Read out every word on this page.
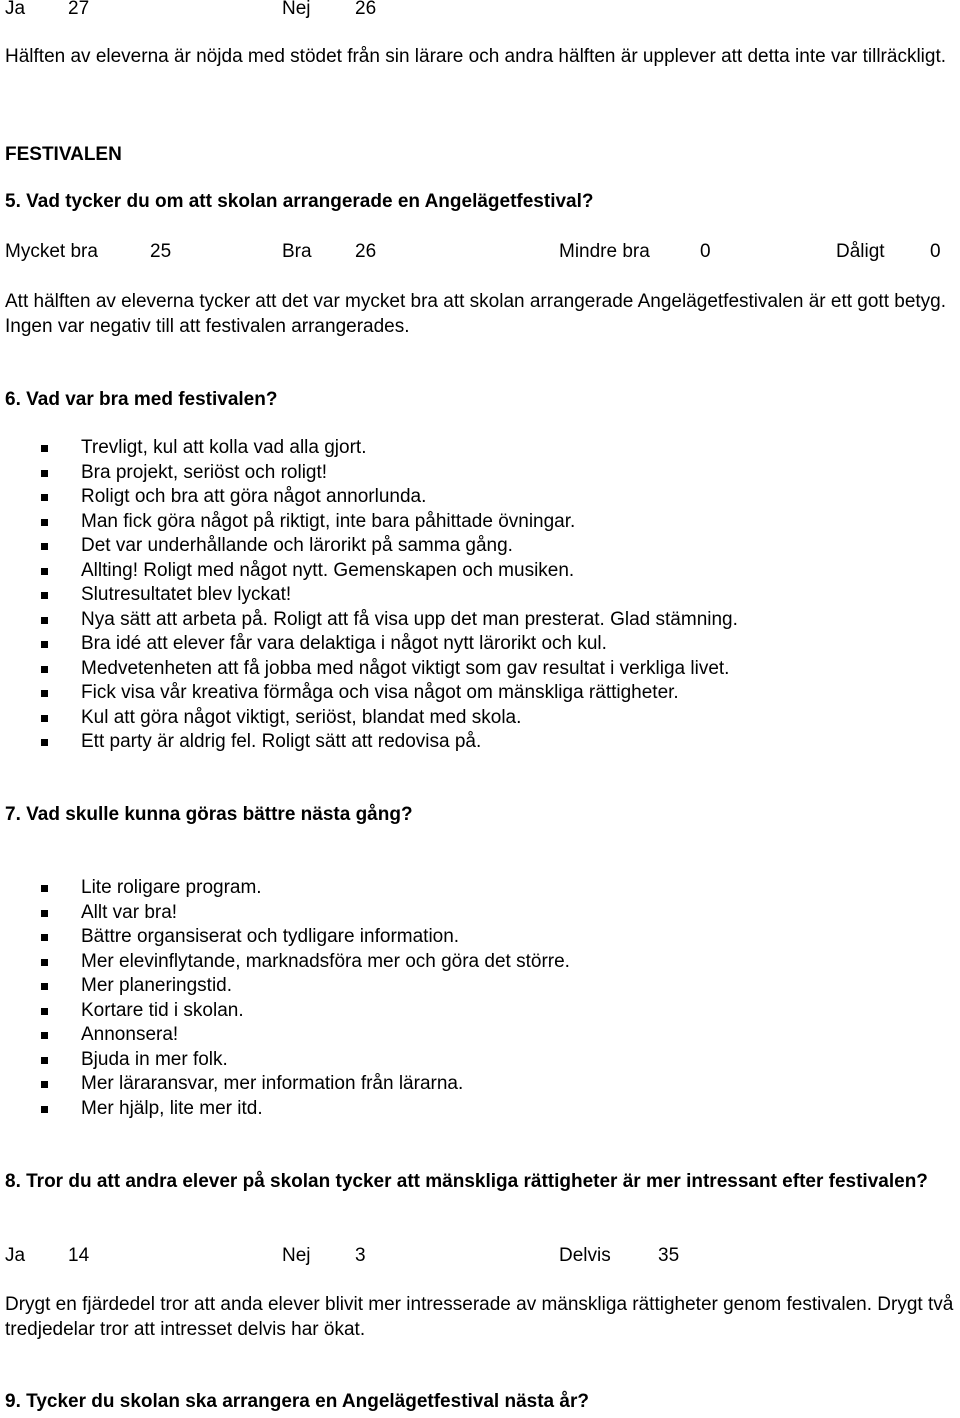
Ja 27	Nej 26
Hälften av eleverna är nöjda med stödet från sin lärare och andra hälften är upplever att detta inte var tillräckligt.
FESTIVALEN
5. Vad tycker du om att skolan arrangerade en Angelägetfestival?
Mycket bra	25	Bra 26	Mindre bra	0	Dåligt 0
Att hälften av eleverna tycker att det var mycket bra att skolan arrangerade Angelägetfestivalen är ett gott betyg. Ingen var negativ till att festivalen arrangerades.
6. Vad var bra med festivalen?
Trevligt, kul att kolla vad alla gjort.
Bra projekt, seriöst och roligt!
Roligt och bra att göra något annorlunda.
Man fick göra något på riktigt, inte bara påhittade övningar.
Det var underhållande och lärorikt på samma gång.
Allting! Roligt med något nytt. Gemenskapen och musiken.
Slutresultatet blev lyckat!
Nya sätt att arbeta på. Roligt att få visa upp det man presterat. Glad stämning.
Bra idé att elever får vara delaktiga i något nytt lärorikt och kul.
Medvetenheten att få jobba med något viktigt som gav resultat i verkliga livet.
Fick visa vår kreativa förmåga och visa något om mänskliga rättigheter.
Kul att göra något viktigt, seriöst, blandat med skola.
Ett party är aldrig fel. Roligt sätt att redovisa på.
7. Vad skulle kunna göras bättre nästa gång?
Lite roligare program.
Allt var bra!
Bättre organsiserat och tydligare information.
Mer elevinflytande, marknadsföra mer och göra det större.
Mer planeringstid.
Kortare tid i skolan.
Annonsera!
Bjuda in mer folk.
Mer läraransvar, mer information från lärarna.
Mer hjälp, lite mer itd.
8. Tror du att andra elever på skolan tycker att mänskliga rättigheter är mer intressant efter festivalen?
Ja 14	Nej 3	Delvis 35
Drygt en fjärdedel tror att anda elever blivit mer intresserade av mänskliga rättigheter genom festivalen. Drygt två tredjedelar tror att intresset delvis har ökat.
9. Tycker du skolan ska arrangera en Angelägetfestival nästa år?
